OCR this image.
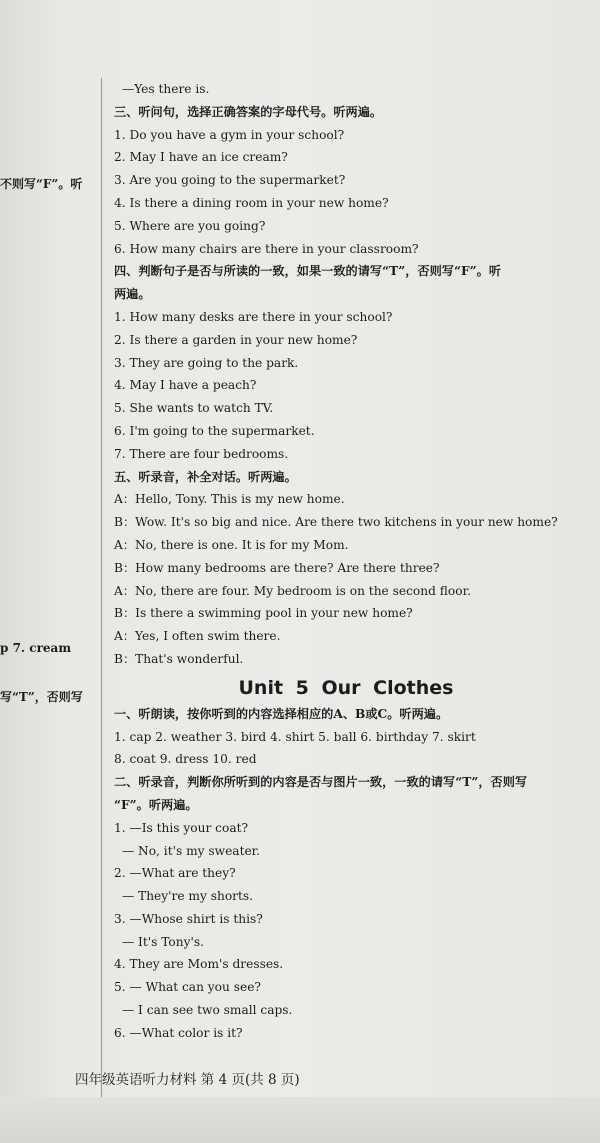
不则写“F”。听
p 7. cream
写“T”，否则写
—Yes there is.
三、听问句，选择正确答案的字母代号。听两遍。
1. Do you have a gym in your school?
2. May I have an ice cream?
3. Are you going to the supermarket?
4. Is there a dining room in your new home?
5. Where are you going?
6. How many chairs are there in your classroom?
四、判断句子是否与所读的一致，如果一致的请写“T”，否则写“F”。听
两遍。
1. How many desks are there in your school?
2. Is there a garden in your new home?
3. They are going to the park.
4. May I have a peach?
5. She wants to watch TV.
6. I'm going to the supermarket.
7. There are four bedrooms.
五、听录音，补全对话。听两遍。
A：Hello, Tony. This is my new home.
B：Wow. It's so big and nice. Are there two kitchens in your new home?
A：No, there is one. It is for my Mom.
B：How many bedrooms are there? Are there three?
A：No, there are four. My bedroom is on the second floor.
B：Is there a swimming pool in your new home?
A：Yes, I often swim there.
B：That's wonderful.
Unit 5 Our Clothes
一、听朗读，按你听到的内容选择相应的A、B或C。听两遍。
1. cap 2. weather 3. bird 4. shirt 5. ball 6. birthday 7. skirt
8. coat 9. dress 10. red
二、听录音，判断你所听到的内容是否与图片一致，一致的请写“T”，否则写
“F”。听两遍。
1. —Is this your coat?
— No, it's my sweater.
2. —What are they?
— They're my shorts.
3. —Whose shirt is this?
— It's Tony's.
4. They are Mom's dresses.
5. — What can you see?
— I can see two small caps.
6. —What color is it?
四年级英语听力材料 第 4 页(共 8 页)
